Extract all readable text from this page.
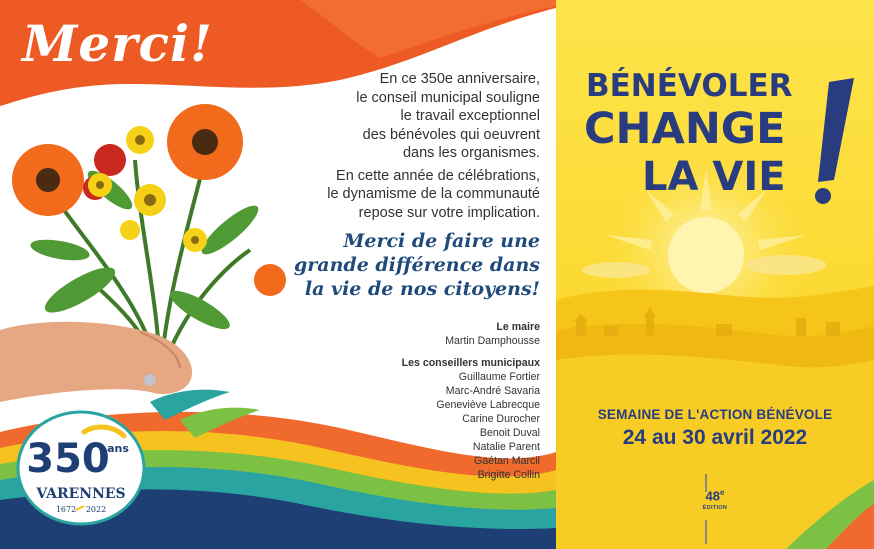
Merci!

En ce 350e anniversaire,
le conseil municipal souligne
le travail exceptionnel
des bénévoles qui oeuvrent
dans les organismes.

En cette année de célébrations,
le dynamisme de la communauté
repose sur votre implication.

Merci de faire une
grande différence dans
la vie de nos citoyens!
Le maire
Martin Damphousse
Les conseillers municipaux
Guillaume Fortier
Marc-André Savaria
Geneviève Labrecque
Carine Durocher
Benoit Duval
Natalie Parent
Gaétan Marcil
Brigitte Collin
350
ans
VARENNES
1672 2022
BÉNÉVOLER
CHANGE
LA VIE
SEMAINE DE L'ACTION BÉNÉVOLE
24 au 30 avril 2022
48e
ÉDITION
